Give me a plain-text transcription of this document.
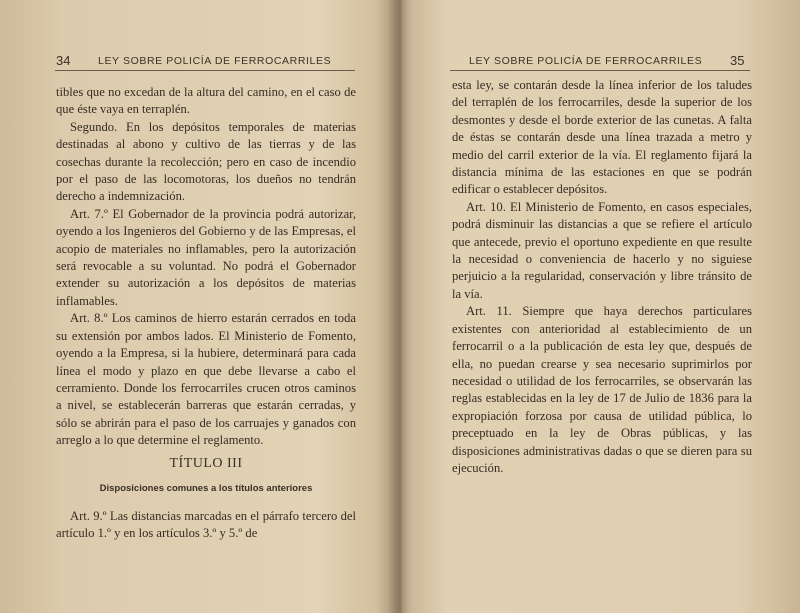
34	LEY SOBRE POLICÍA DE FERROCARRILES

tibles que no excedan de la altura del camino, en el caso de que éste vaya en terraplén.

Segundo. En los depósitos temporales de materias destinadas al abono y cultivo de las tierras y de las cosechas durante la recolección; pero en caso de incendio por el paso de las locomotoras, los dueños no tendrán derecho a indemnización.

Art. 7.º El Gobernador de la provincia podrá autorizar, oyendo a los Ingenieros del Gobierno y de las Empresas, el acopio de materiales no inflamables, pero la autorización será revocable a su voluntad. No podrá el Gobernador extender su autorización a los depósitos de materias inflamables.

Art. 8.º Los caminos de hierro estarán cerrados en toda su extensión por ambos lados. El Ministerio de Fomento, oyendo a la Empresa, si la hubiere, determinará para cada línea el modo y plazo en que debe llevarse a cabo el cerramiento. Donde los ferrocarriles crucen otros caminos a nivel, se establecerán barreras que estarán cerradas, y sólo se abrirán para el paso de los carruajes y ganados con arreglo a lo que determine el reglamento.

TÍTULO III
Disposiciones comunes a los títulos anteriores

Art. 9.º Las distancias marcadas en el párrafo tercero del artículo 1.º y en los artículos 3.º y 5.º de

LEY SOBRE POLICÍA DE FERROCARRILES 35

esta ley, se contarán desde la línea inferior de los taludes del terraplén de los ferrocarriles, desde la superior de los desmontes y desde el borde exterior de las cunetas. A falta de éstas se contarán desde una línea trazada a metro y medio del carril exterior de la vía. El reglamento fijará la distancia mínima de las estaciones en que se podrán edificar o establecer depósitos.

Art. 10. El Ministerio de Fomento, en casos especiales, podrá disminuir las distancias a que se refiere el artículo que antecede, previo el oportuno expediente en que resulte la necesidad o conveniencia de hacerlo y no siguiese perjuicio a la regularidad, conservación y libre tránsito de la vía.

Art. 11. Siempre que haya derechos particulares existentes con anterioridad al establecimiento de un ferrocarril o a la publicación de esta ley que, después de ella, no puedan crearse y sea necesario suprimirlos por necesidad o utilidad de los ferrocarriles, se observarán las reglas establecidas en la ley de 17 de Julio de 1836 para la expropiación forzosa por causa de utilidad pública, lo preceptuado en la ley de Obras públicas, y las disposiciones administrativas dadas o que se dieren para su ejecución.
